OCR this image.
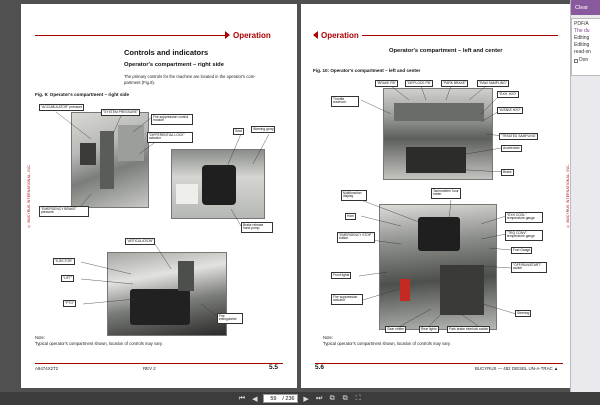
Operation
© BUCYRUS INTERNATIONAL, INC.
Controls and indicators
Operator's compartment – right side
The primary controls for the machine are located in the operator's com-
partment (Fig.9).
Fig. 9: Operator's compartment – right side
"ACCUMULATOR" pressure
"SYSTEM PRESSURE"
Fire suppression control module
"DIFFERENTIAL LOCK" actuator
Seat	Warning gong
"EMERGENCY BRAKE" pressure
Brake release hand pump
"ARTICULATION"
"EJECTOR"
"LIFT"
"PTO"
Fire extinguisher
Note:
Typical operator's compartment shown, location of controls may vary.
A9474X2T2	REV 2	5.5
Operation
© BUCYRUS INTERNATIONAL, INC.
Operator's compartment – left and center
Fig. 10: Operator's compartment – left and center
"BRAKE PB"	"DIFFLOCK PB"	"PARK BRAKE"	"RAW SAMPLING"
Throttle reservoir
"EXH. H2O"
"INTAKE H2O"
"TREATED SAMPLING"
Accelerator
Brake
Multifunction display
Tachometer/ hour meter
"EXH COOL" temperature gauge
Horn
"EMERGENCY STOP" button
"TRQ CONV" temperature gauge
Fuel Gauge
"OFF/RUN/START" switch
Front lights
Fire suppression actuator
Steering
Gear shifter	Rear lights	Park brake interlock switch
Note:
Typical operator's compartment shown, location of controls may vary.
5.6	BUCYRUS — 482 DIESEL UN-A-TRAC ▲
Clear
PDF/A
The du
Editing
Editing
read-sn
Don
⏮ ◀
59	/ 236 ▶ ⏭ ⧉ ⧉ ⛶
